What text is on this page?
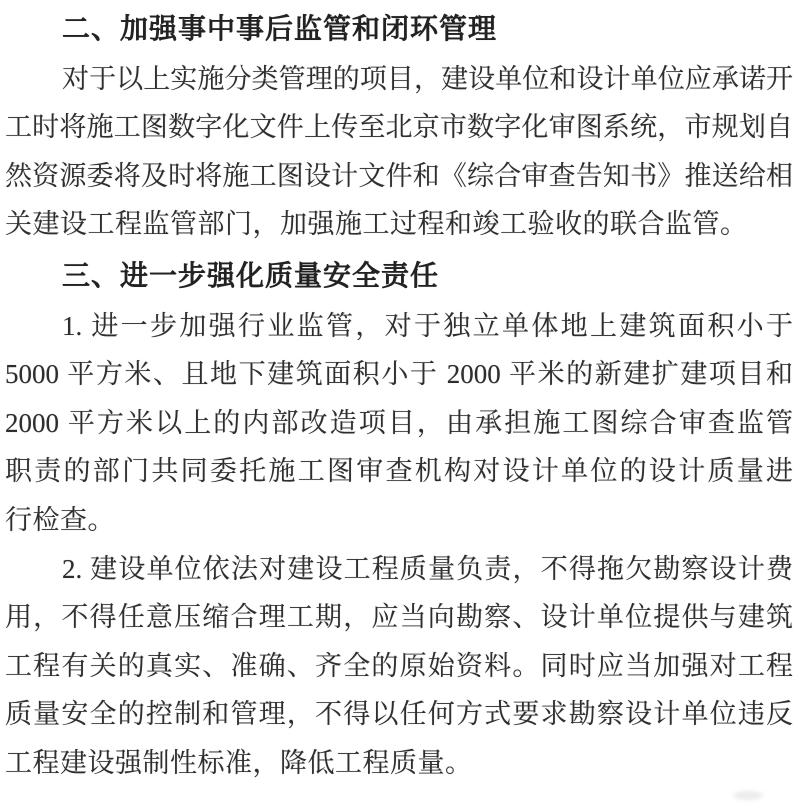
二、加强事中事后监管和闭环管理
对于以上实施分类管理的项目，建设单位和设计单位应承诺开
工时将施工图数字化文件上传至北京市数字化审图系统，市规划自
然资源委将及时将施工图设计文件和《综合审查告知书》推送给相
关建设工程监管部门，加强施工过程和竣工验收的联合监管。
三、进一步强化质量安全责任
1. 进一步加强行业监管，对于独立单体地上建筑面积小于
5000 平方米、且地下建筑面积小于 2000 平米的新建扩建项目和
2000 平方米以上的内部改造项目，由承担施工图综合审查监管
职责的部门共同委托施工图审查机构对设计单位的设计质量进
行检查。
2. 建设单位依法对建设工程质量负责，不得拖欠勘察设计费
用，不得任意压缩合理工期，应当向勘察、设计单位提供与建筑
工程有关的真实、准确、齐全的原始资料。同时应当加强对工程
质量安全的控制和管理，不得以任何方式要求勘察设计单位违反
工程建设强制性标准，降低工程质量。
